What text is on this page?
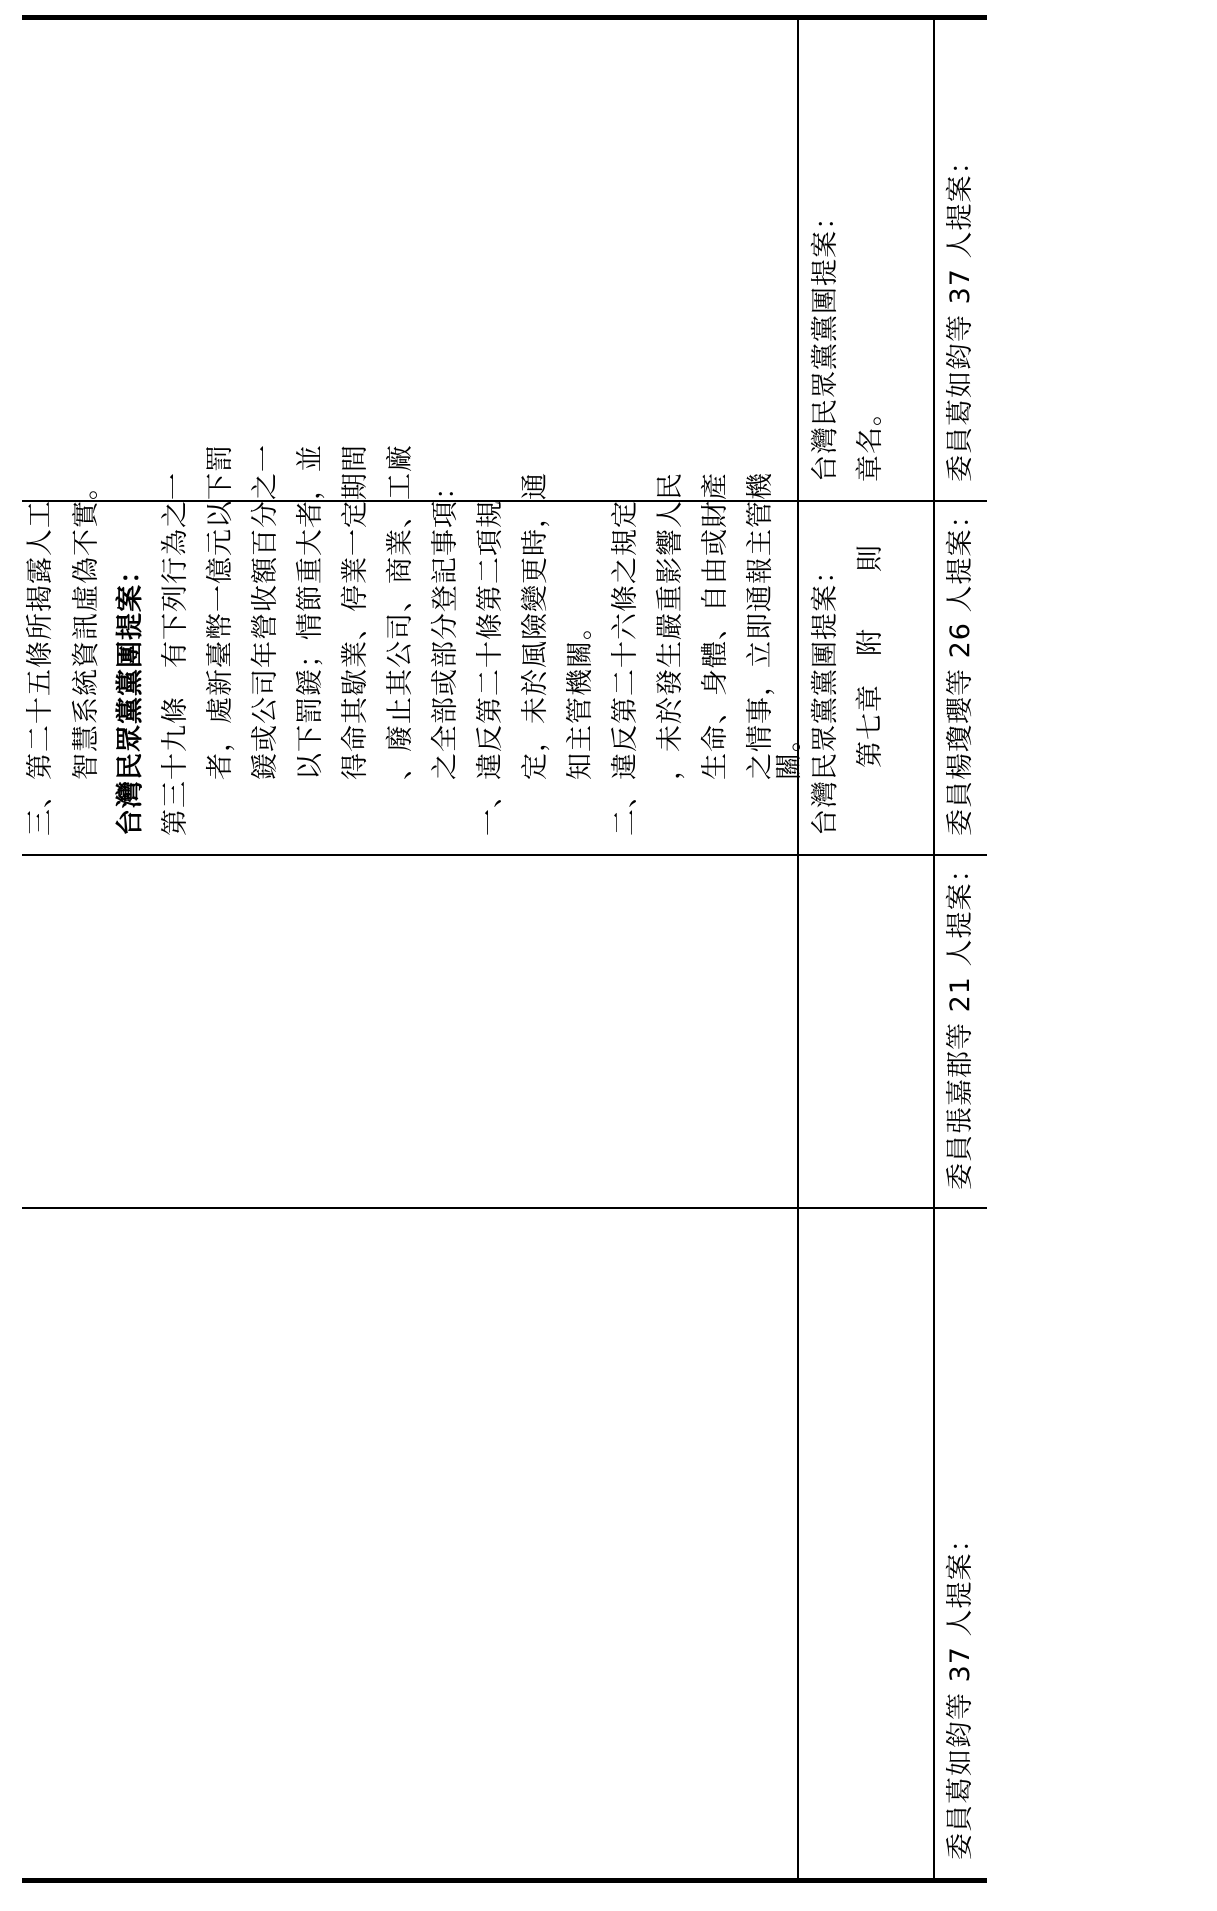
委員葛如鈞等 37 人提案：
委員張嘉郡等 21 人提案：
委員楊瓊瓔等 26 人提案：
委員葛如鈞等 37 人提案：
台灣民眾黨黨團提案： 第七章　附　　則
台灣民眾黨黨團提案： 章名。
三、第二十五條所揭露人工 　　智慧系統資訊虛偽不實。 台灣民眾黨黨團提案： 第三十九條　有下列行為之一 　　者，處新臺幣一億元以下罰 　　鍰或公司年營收額百分之一 　　以下罰鍰；情節重大者，並 　　得命其歇業、停業一定期間 　　、廢止其公司、商業、工廠 　　之全部或部分登記事項： 一、違反第二十條第二項規 　　定，未於風險變更時，通 　　知主管機關。 二、違反第二十六條之規定 　　，未於發生嚴重影響人民 　　生命、身體、自由或財產 　　之情事，立即通報主管機
　　關。
